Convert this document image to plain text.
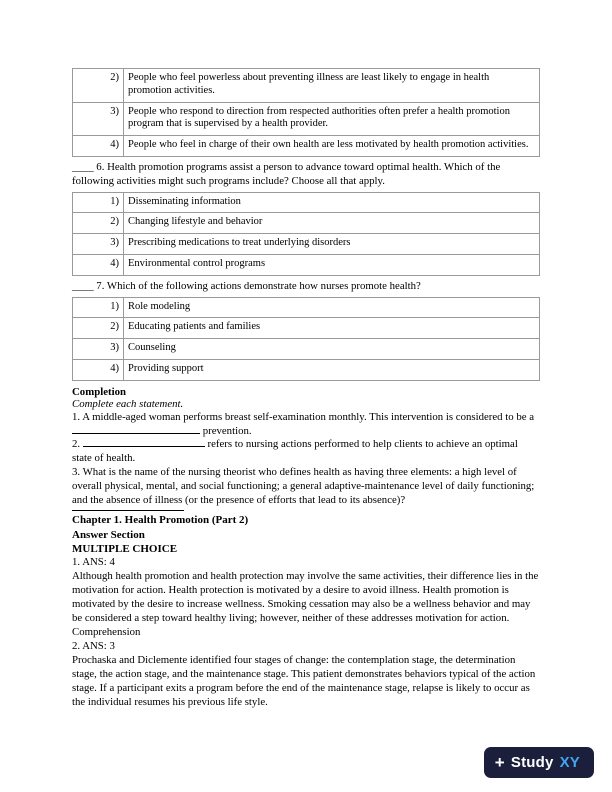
2)	People who feel powerless about preventing illness are least likely to engage in health promotion activities.
3)	People who respond to direction from respected authorities often prefer a health promotion program that is supervised by a health provider.
4)	People who feel in charge of their own health are less motivated by health promotion activities.

____ 6. Health promotion programs assist a person to advance toward optimal health. Which of the following activities might such programs include? Choose all that apply.

1)	Disseminating information
2)	Changing lifestyle and behavior
3)	Prescribing medications to treat underlying disorders
4)	Environmental control programs

____ 7. Which of the following actions demonstrate how nurses promote health?

1)	Role modeling
2)	Educating patients and families
3)	Counseling
4)	Providing support
Completion
Complete each statement.

1. A middle-aged woman performs breast self-examination monthly. This intervention is considered to be a  prevention.

2.	refers to nursing actions performed to help clients to achieve an optimal state of health.

3. What is the name of the nursing theorist who defines health as having three elements: a high level of overall physical, mental, and social functioning; a general adaptive-maintenance level of daily functioning; and the absence of illness (or the presence of efforts that lead to its absence)?

Chapter 1. Health Promotion (Part 2)
Answer Section
MULTIPLE CHOICE

1. ANS: 4

Although health promotion and health protection may involve the same activities, their difference lies in the motivation for action. Health protection is motivated by a desire to avoid illness. Health promotion is motivated by the desire to increase wellness. Smoking cessation may also be a wellness behavior and may be considered a step toward healthy living; however, neither of these addresses motivation for action.

Comprehension

2. ANS: 3

Prochaska and Diclemente identified four stages of change: the contemplation stage, the determination stage, the action stage, and the maintenance stage. This patient demonstrates behaviors typical of the action stage. If a participant exits a program before the end of the maintenance stage, relapse is likely to occur as the individual resumes his previous life style.

+ Study XY
